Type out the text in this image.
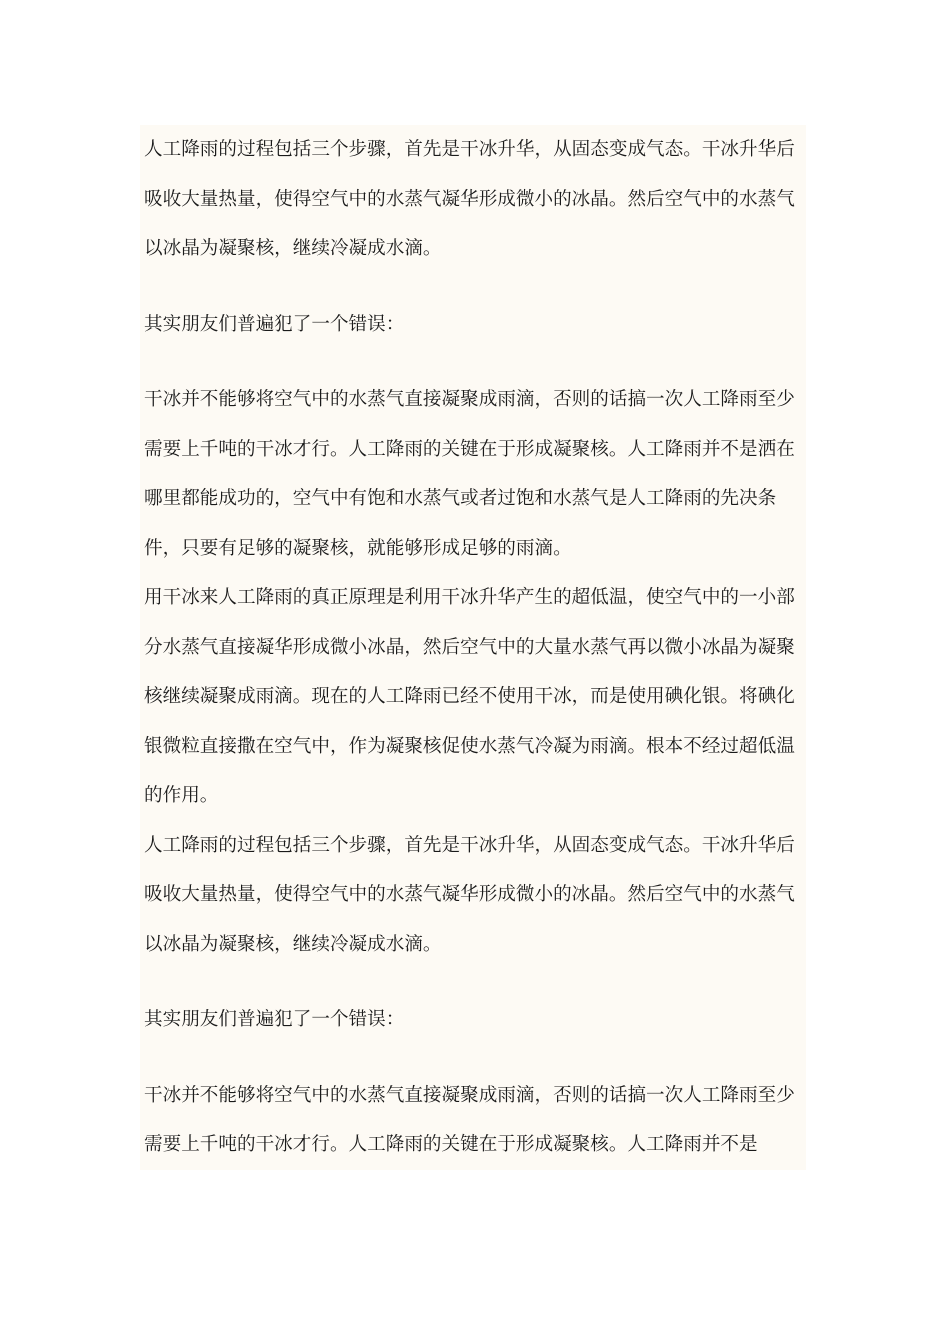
人工降雨的过程包括三个步骤，首先是干冰升华，从固态变成气态。干冰升华后吸收大量热量，使得空气中的水蒸气凝华形成微小的冰晶。然后空气中的水蒸气以冰晶为凝聚核，继续冷凝成水滴。

其实朋友们普遍犯了一个错误：

干冰并不能够将空气中的水蒸气直接凝聚成雨滴，否则的话搞一次人工降雨至少需要上千吨的干冰才行。人工降雨的关键在于形成凝聚核。人工降雨并不是洒在哪里都能成功的，空气中有饱和水蒸气或者过饱和水蒸气是人工降雨的先决条件，只要有足够的凝聚核，就能够形成足够的雨滴。

用干冰来人工降雨的真正原理是利用干冰升华产生的超低温，使空气中的一小部分水蒸气直接凝华形成微小冰晶，然后空气中的大量水蒸气再以微小冰晶为凝聚核继续凝聚成雨滴。现在的人工降雨已经不使用干冰，而是使用碘化银。将碘化银微粒直接撒在空气中，作为凝聚核促使水蒸气冷凝为雨滴。根本不经过超低温的作用。

人工降雨的过程包括三个步骤，首先是干冰升华，从固态变成气态。干冰升华后吸收大量热量，使得空气中的水蒸气凝华形成微小的冰晶。然后空气中的水蒸气以冰晶为凝聚核，继续冷凝成水滴。

其实朋友们普遍犯了一个错误：

干冰并不能够将空气中的水蒸气直接凝聚成雨滴，否则的话搞一次人工降雨至少需要上千吨的干冰才行。人工降雨的关键在于形成凝聚核。人工降雨并不是
